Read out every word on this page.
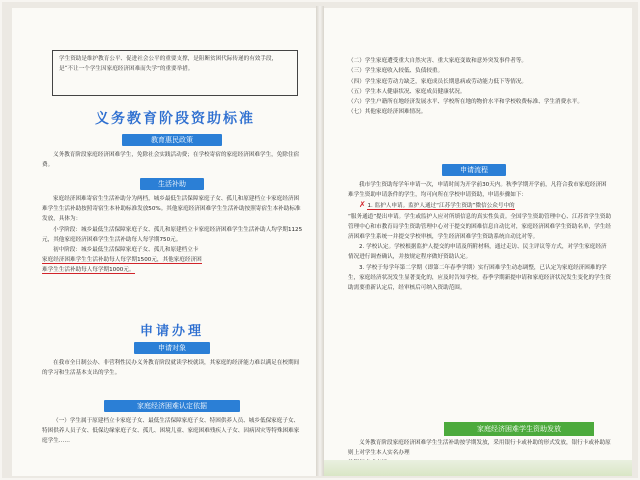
学生资助是维护教育公平、促进社会公平的重要支撑，是阻断贫困代际传递的有效手段，是“不让一个学生因家庭经济困难而失学”的重要举措。

义务教育阶段资助标准
教育惠民政策

义务教育阶段家庭经济困难学生，免除社会实践活动费；在学校寄宿的家庭经济困难学生，免除住宿费。

生活补助

家庭经济困难寄宿生生活补助分为两档，城乡最低生活保障家庭子女、孤儿和原建档立卡家庭经济困难学生生活补助按照寄宿生本补助标准发放50%。其他家庭经济困难学生生活补助按照寄宿生本补助标准发放，具体为：

小学阶段：城乡最低生活保障家庭子女、孤儿和原建档立卡家庭经济困难学生生活补助人均学期1125元，其他家庭经济困难学生生活补助每人每学期750元。

初中阶段：城乡最低生活保障家庭子女、孤儿和原建档立卡

家庭经济困难学生生活补助每人每学期1500元，其他家庭经济困

难学生生活补助每人每学期1000元。

申请办理
申请对象

在我市全日制公办、非营利性民办义务教育阶段就读学校就读，其家庭的经济能力难以满足在校期间的学习和生活基本支出的学生。

家庭经济困难认定依据

（一）学生属于原建档立卡家庭子女、最低生活保障家庭子女、特困供养人员、城乡低保家庭子女、特困供养人员子女、低保边缘家庭子女、孤儿、困境儿童、家庭困难残疾人子女、因病因灾等特殊困难家庭学生……

（二）学生家庭遭受重大自然灾害、重大家庭变故和意外突发事件者等。
（三）学生家庭收入较低、负债较重。
（四）学生家庭劳动力缺乏，家庭成员长期患病或劳动能力低下等情况。
（五）学生本人健康状况、家庭成员健康状况。
（六）学生户籍所在地经济发展水平、学校所在地的物价水平和学校收费标准、学生消费水平。
（七）其他家庭经济困难情况。

申请流程

我市学生资助每学年申请一次，申请时间为开学前30天内。秋季学期开学前，凡符合我市家庭经济困难学生资助申请条件的学生，均可向所在学校申请资助，申请步骤如下：

✗ 1. 监护人申请。监护人通过“江苏学生资助”微信公众号中的

“服务通道”提出申请。学生或监护人应对所填信息的真实性负责。全国学生资助管理中心、江苏省学生资助管理中心和市教育局学生资助管理中心对于提交的困难信息自动比对，家庭经济困难学生资助名单，学生经济困难学生系统一并提交学校审核，学生经济困难学生资助系统自动比对等。

2. 学校认定。学校根据监护人提交的申请及所附材料，通过走访、民主评议等方式，对学生家庭经济情况进行调查确认，并按规定程序做好资助认定。

3. 学校于每学年第二学期（即第二年春季学期）实行困难学生动态调整，已认定为家庭经济困难的学生，家庭经济状况发生显著变化的，应及时告知学校。春季学期新提申请和家庭经济状况发生变化的学生资助需要重新认定后，经审核后可纳入资助范围。

家庭经济困难学生资助发放

义务教育阶段家庭经济困难学生生活补助按学期发放，采用银行卡或补助的形式发放，银行卡或补助原则上对学生本人实名办理
